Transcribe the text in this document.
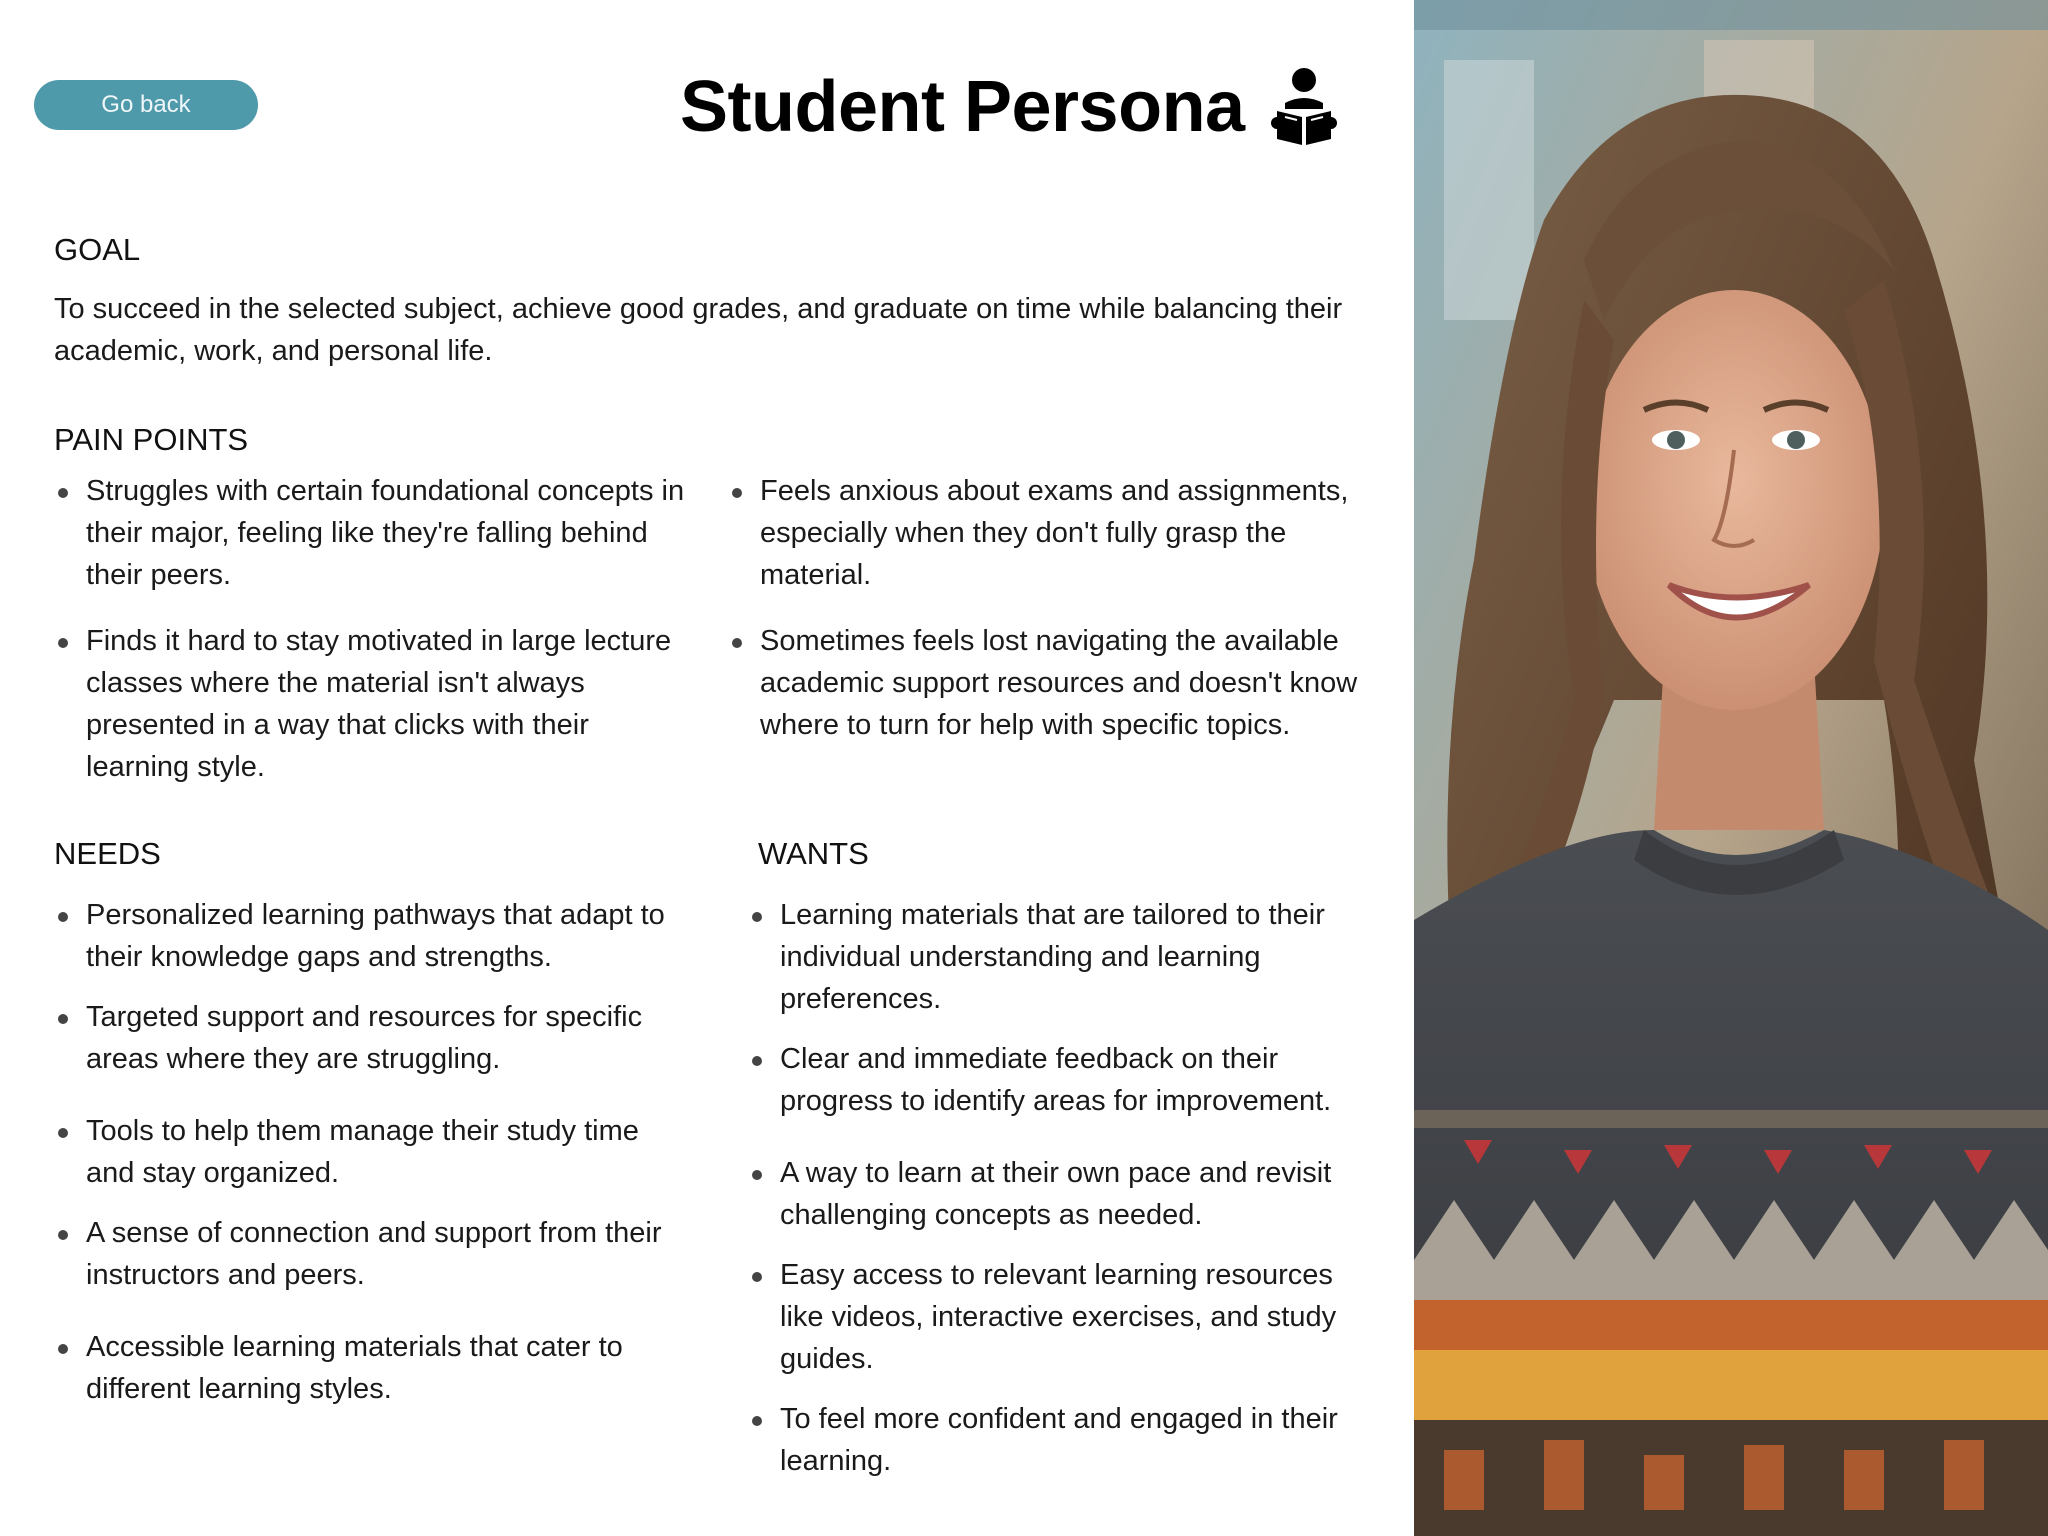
Go back	Student Persona
GOAL
To succeed in the selected subject, achieve good grades, and graduate on time while balancing their academic, work, and personal life.
PAIN POINTS
Struggles with certain foundational concepts in their major, feeling like they're falling behind their peers.
Finds it hard to stay motivated in large lecture classes where the material isn't always presented in a way that clicks with their learning style.
Feels anxious about exams and assignments, especially when they don't fully grasp the material.
Sometimes feels lost navigating the available academic support resources and doesn't know where to turn for help with specific topics.
NEEDS
Personalized learning pathways that adapt to their knowledge gaps and strengths.
Targeted support and resources for specific areas where they are struggling.
Tools to help them manage their study time and stay organized.
A sense of connection and support from their instructors and peers.
Accessible learning materials that cater to different learning styles.
WANTS
Learning materials that are tailored to their individual understanding and learning preferences.
Clear and immediate feedback on their progress to identify areas for improvement.
A way to learn at their own pace and revisit challenging concepts as needed.
Easy access to relevant learning resources like videos, interactive exercises, and study guides.
To feel more confident and engaged in their learning.
